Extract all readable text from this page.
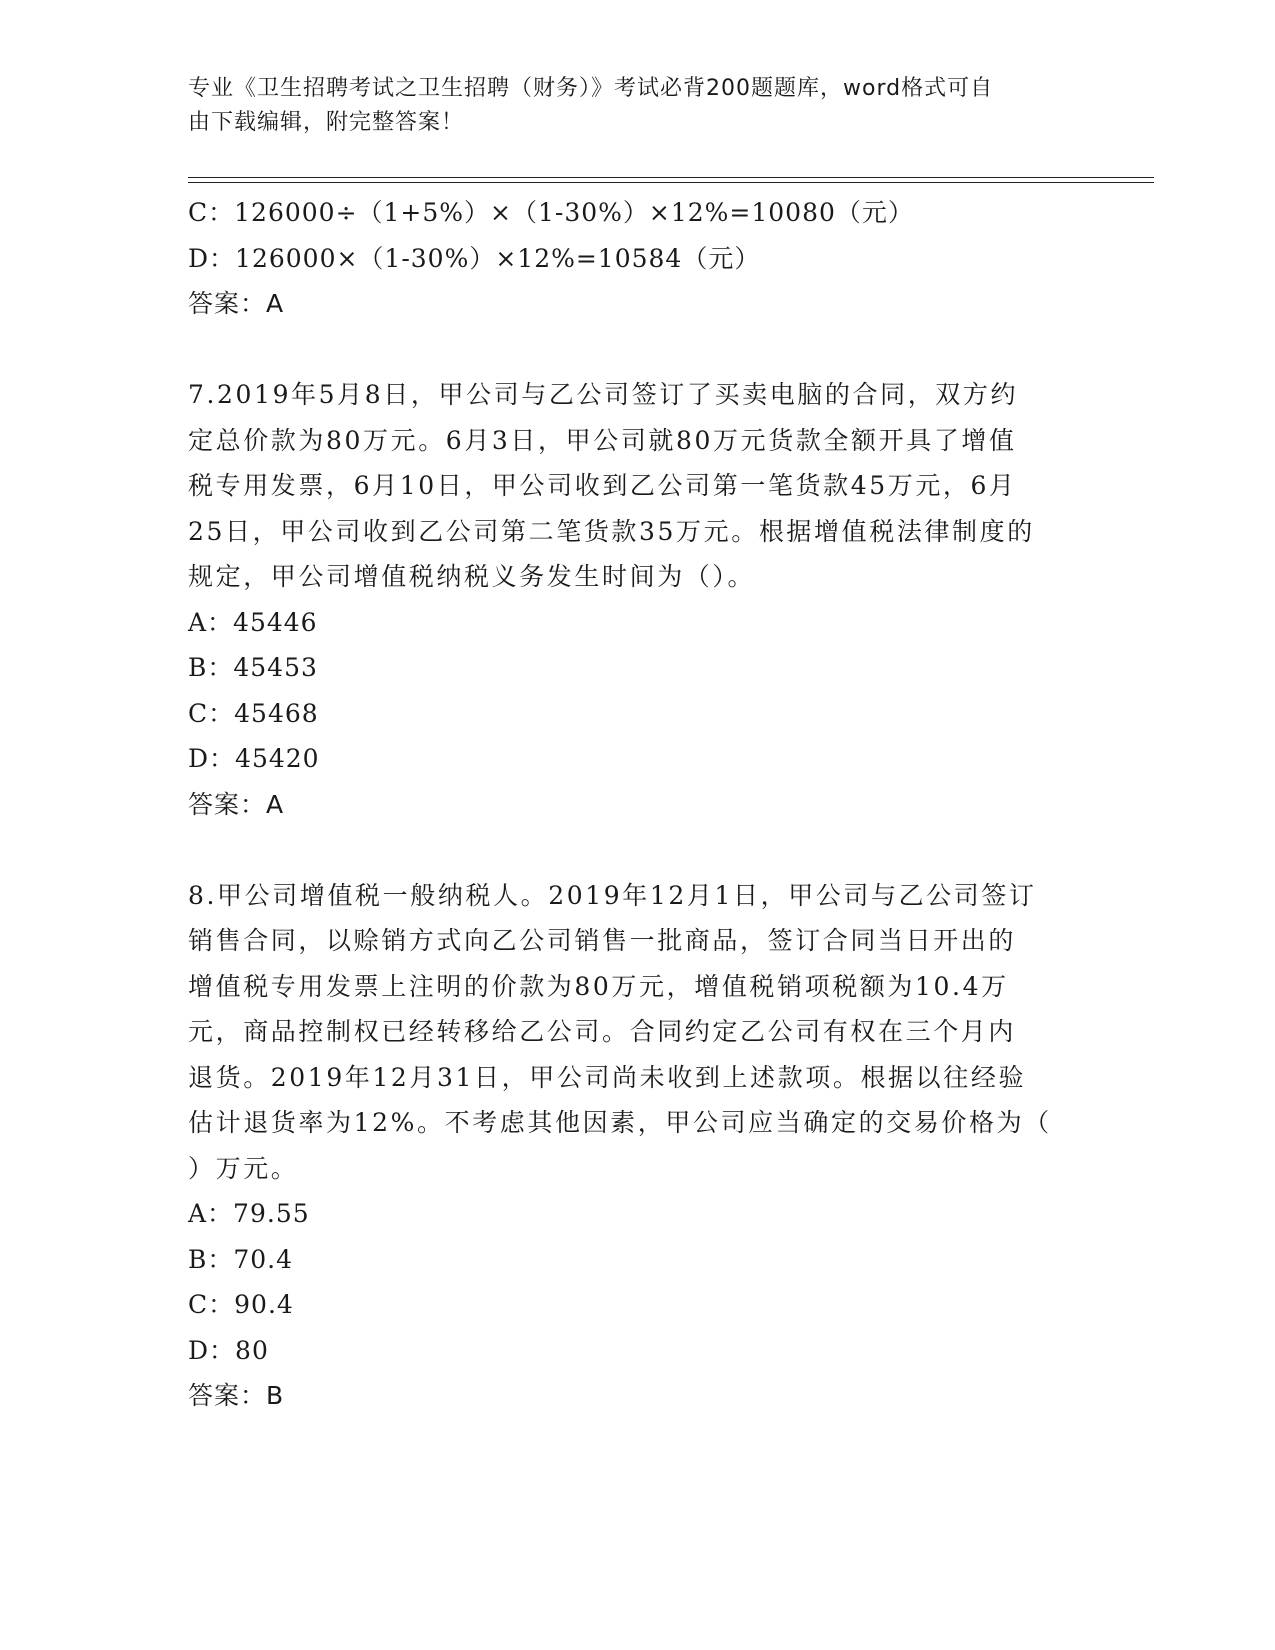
专业《卫生招聘考试之卫生招聘（财务）》考试必背200题题库，word格式可自
由下载编辑，附完整答案！
C：126000÷（1+5%）×（1-30%）×12%=10080（元）
D：126000×（1-30%）×12%=10584（元）
答案：A
7.2019年5月8日，甲公司与乙公司签订了买卖电脑的合同，双方约
定总价款为80万元。6月3日，甲公司就80万元货款全额开具了增值
税专用发票，6月10日，甲公司收到乙公司第一笔货款45万元，6月
25日，甲公司收到乙公司第二笔货款35万元。根据增值税法律制度的
规定，甲公司增值税纳税义务发生时间为（）。
A：45446
B：45453
C：45468
D：45420
答案：A
8.甲公司增值税一般纳税人。2019年12月1日，甲公司与乙公司签订
销售合同，以赊销方式向乙公司销售一批商品，签订合同当日开出的
增值税专用发票上注明的价款为80万元，增值税销项税额为10.4万
元，商品控制权已经转移给乙公司。合同约定乙公司有权在三个月内
退货。2019年12月31日，甲公司尚未收到上述款项。根据以往经验
估计退货率为12%。不考虑其他因素，甲公司应当确定的交易价格为（
）万元。
A：79.55
B：70.4
C：90.4
D：80
答案：B
